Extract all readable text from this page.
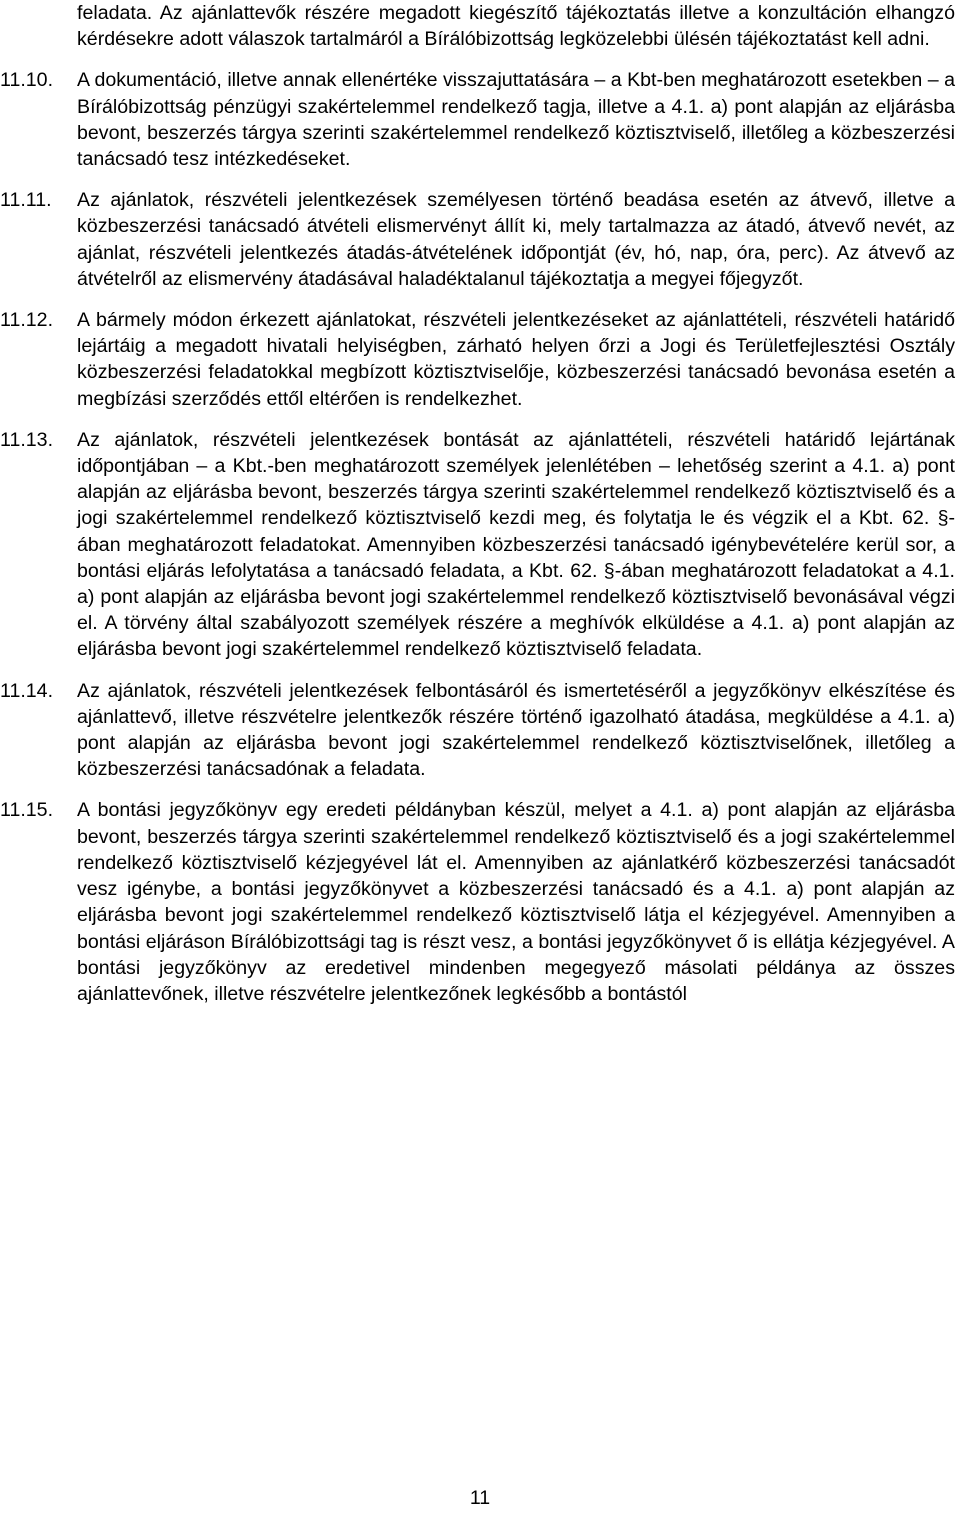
feladata. Az ajánlattevők részére megadott kiegészítő tájékoztatás illetve a konzultáción elhangzó kérdésekre adott válaszok tartalmáról a Bírálóbizottság legközelebbi ülésén tájékoztatást kell adni.

11.10.	A dokumentáció, illetve annak ellenértéke visszajuttatására – a Kbt-ben meghatározott esetekben – a Bírálóbizottság pénzügyi szakértelemmel rendelkező tagja, illetve a 4.1. a) pont alapján az eljárásba bevont, beszerzés tárgya szerinti szakértelemmel rendelkező köztisztviselő, illetőleg a közbeszerzési tanácsadó tesz intézkedéseket.

11.11.	Az ajánlatok, részvételi jelentkezések személyesen történő beadása esetén az átvevő, illetve a közbeszerzési tanácsadó átvételi elismervényt állít ki, mely tartalmazza az átadó, átvevő nevét, az ajánlat, részvételi jelentkezés átadás-átvételének időpontját (év, hó, nap, óra, perc). Az átvevő az átvételről az elismervény átadásával haladéktalanul tájékoztatja a megyei főjegyzőt.

11.12.	A bármely módon érkezett ajánlatokat, részvételi jelentkezéseket az ajánlattételi, részvételi határidő lejártáig a megadott hivatali helyiségben, zárható helyen őrzi a Jogi és Területfejlesztési Osztály közbeszerzési feladatokkal megbízott köztisztviselője, közbeszerzési tanácsadó bevonása esetén a megbízási szerződés ettől eltérően is rendelkezhet.

11.13.	Az ajánlatok, részvételi jelentkezések bontását az ajánlattételi, részvételi határidő lejártának időpontjában – a Kbt.-ben meghatározott személyek jelenlétében – lehetőség szerint a 4.1. a) pont alapján az eljárásba bevont, beszerzés tárgya szerinti szakértelemmel rendelkező köztisztviselő és a jogi szakértelemmel rendelkező köztisztviselő kezdi meg, és folytatja le és végzik el a Kbt. 62. §-ában meghatározott feladatokat. Amennyiben közbeszerzési tanácsadó igénybevételére kerül sor, a bontási eljárás lefolytatása a tanácsadó feladata, a Kbt. 62. §-ában meghatározott feladatokat a 4.1. a) pont alapján az eljárásba bevont jogi szakértelemmel rendelkező köztisztviselő bevonásával végzi el. A törvény által szabályozott személyek részére a meghívók elküldése a 4.1. a) pont alapján az eljárásba bevont jogi szakértelemmel rendelkező köztisztviselő feladata.

11.14.	Az ajánlatok, részvételi jelentkezések felbontásáról és ismertetéséről a jegyzőkönyv elkészítése és ajánlattevő, illetve részvételre jelentkezők részére történő igazolható átadása, megküldése a 4.1. a) pont alapján az eljárásba bevont jogi szakértelemmel rendelkező köztisztviselőnek, illetőleg a közbeszerzési tanácsadónak a feladata.

11.15.	A bontási jegyzőkönyv egy eredeti példányban készül, melyet a 4.1. a) pont alapján az eljárásba bevont, beszerzés tárgya szerinti szakértelemmel rendelkező köztisztviselő és a jogi szakértelemmel rendelkező köztisztviselő kézjegyével lát el. Amennyiben az ajánlatkérő közbeszerzési tanácsadót vesz igénybe, a bontási jegyzőkönyvet a közbeszerzési tanácsadó és a 4.1. a) pont alapján az eljárásba bevont jogi szakértelemmel rendelkező köztisztviselő látja el kézjegyével. Amennyiben a bontási eljáráson Bírálóbizottsági tag is részt vesz, a bontási jegyzőkönyvet ő is ellátja kézjegyével. A bontási jegyzőkönyv az eredetivel mindenben megegyező másolati példánya az összes ajánlattevőnek, illetve részvételre jelentkezőnek legkésőbb a bontástól

11
